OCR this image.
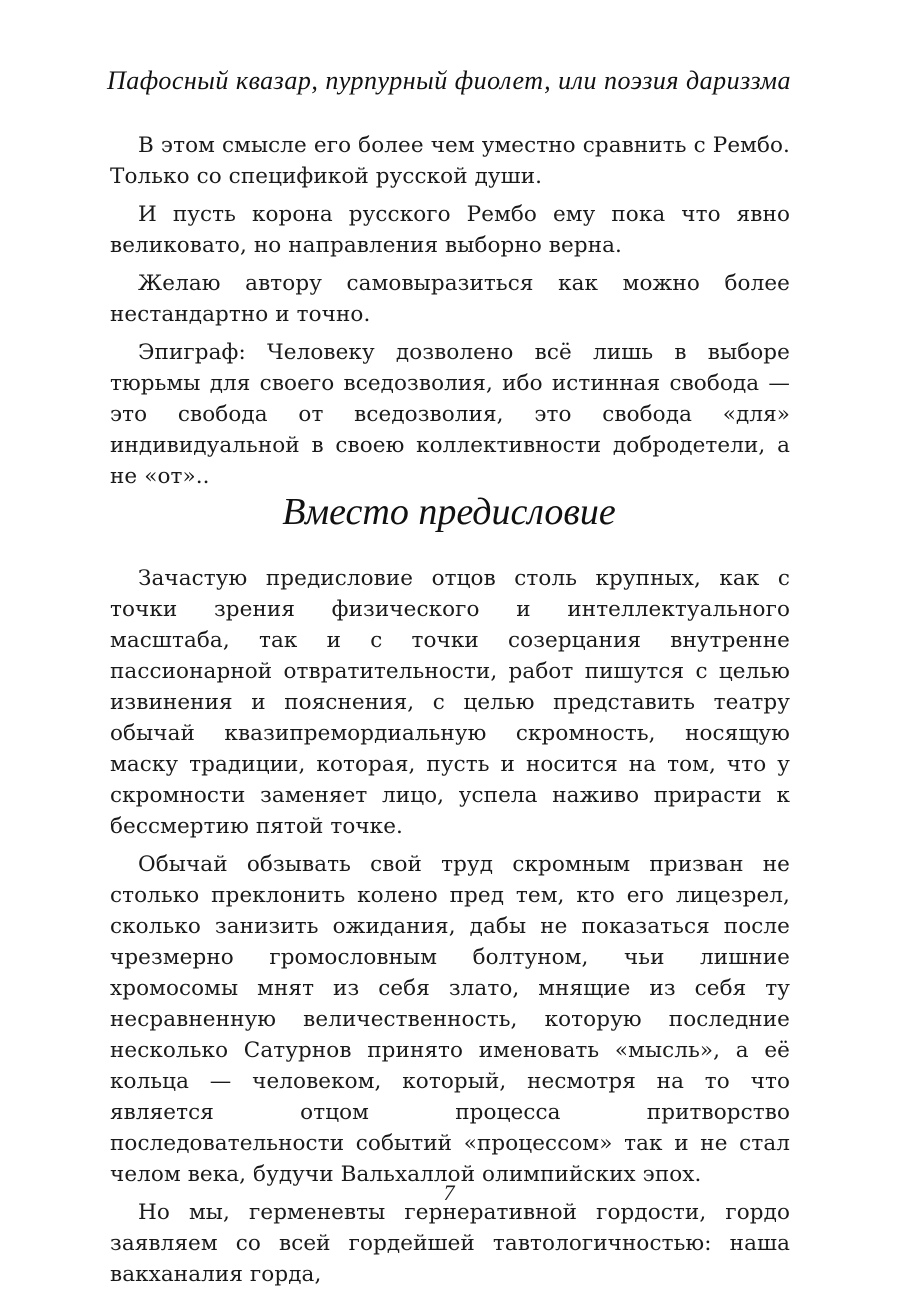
Пафосный квазар, пурпурный фиолет, или поэзия дариззма

В этом смысле его более чем уместно сравнить с Рембо. Только со спецификой русской души.

И пусть корона русского Рембо ему пока что явно великовато, но направления выборно верна.

Желаю автору самовыразиться как можно более нестандартно и точно.

Эпиграф: Человеку дозволено всё лишь в выборе тюрьмы для своего вседозволия, ибо истинная свобода — это свобода от вседозволия, это свобода «для» индивидуальной в своею коллективности добродетели, а не «от»..

Вместо предисловие

Зачастую предисловие отцов столь крупных, как с точки зрения физического и интеллектуального масштаба, так и с точки созерцания внутренне пассионарной отвратительности, работ пишутся с целью извинения и пояснения, с целью представить театру обычай квазипремордиальную скромность, носящую маску традиции, которая, пусть и носится на том, что у скромности заменяет лицо, успела наживо прирасти к бессмертию пятой точке.

Обычай обзывать свой труд скромным призван не столько преклонить колено пред тем, кто его лицезрел, сколько занизить ожидания, дабы не показаться после чрезмерно громословным болтуном, чьи лишние хромосомы мнят из себя злато, мнящие из себя ту несравненную величественность, которую последние несколько Сатурнов принято именовать «мысль», а её кольца — человеком, который, несмотря на то что является отцом процесса притворство последовательности событий «процессом» так и не стал челом века, будучи Вальхаллой олимпийских эпох.

Но мы, герменевты гернеративной гордости, гордо заявляем со всей гордейшей тавтологичностью: наша вакханалия горда,

7
